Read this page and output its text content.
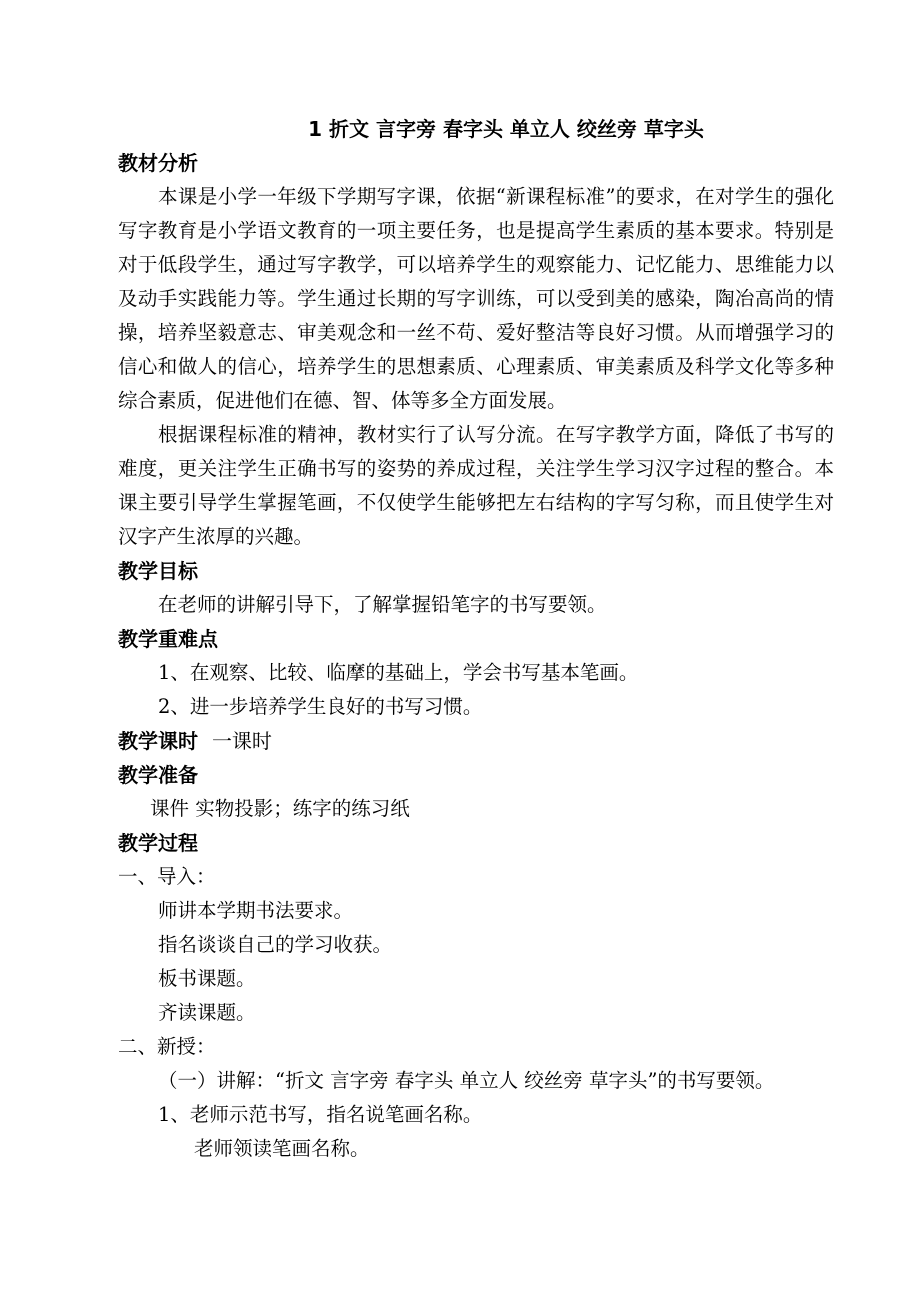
1 折文 言字旁 春字头 单立人 绞丝旁 草字头
教材分析

本课是小学一年级下学期写字课，依据“新课程标准”的要求，在对学生的强化写字教育是小学语文教育的一项主要任务，也是提高学生素质的基本要求。特别是对于低段学生，通过写字教学，可以培养学生的观察能力、记忆能力、思维能力以及动手实践能力等。学生通过长期的写字训练，可以受到美的感染，陶冶高尚的情操，培养坚毅意志、审美观念和一丝不苟、爱好整洁等良好习惯。从而增强学习的信心和做人的信心，培养学生的思想素质、心理素质、审美素质及科学文化等多种综合素质，促进他们在德、智、体等多全方面发展。

根据课程标准的精神，教材实行了认写分流。在写字教学方面，降低了书写的难度，更关注学生正确书写的姿势的养成过程，关注学生学习汉字过程的整合。本课主要引导学生掌握笔画，不仅使学生能够把左右结构的字写匀称，而且使学生对汉字产生浓厚的兴趣。

教学目标
在老师的讲解引导下，了解掌握铅笔字的书写要领。
教学重难点
1、在观察、比较、临摩的基础上，学会书写基本笔画。
2、进一步培养学生良好的书写习惯。
教学课时 一课时
教学准备
课件 实物投影；练字的练习纸
教学过程
一、导入：
师讲本学期书法要求。
指名谈谈自己的学习收获。
板书课题。
齐读课题。
二、新授：

（一）讲解：“折文 言字旁 春字头 单立人 绞丝旁 草字头”的书写要领。

1、老师示范书写，指名说笔画名称。
老师领读笔画名称。
